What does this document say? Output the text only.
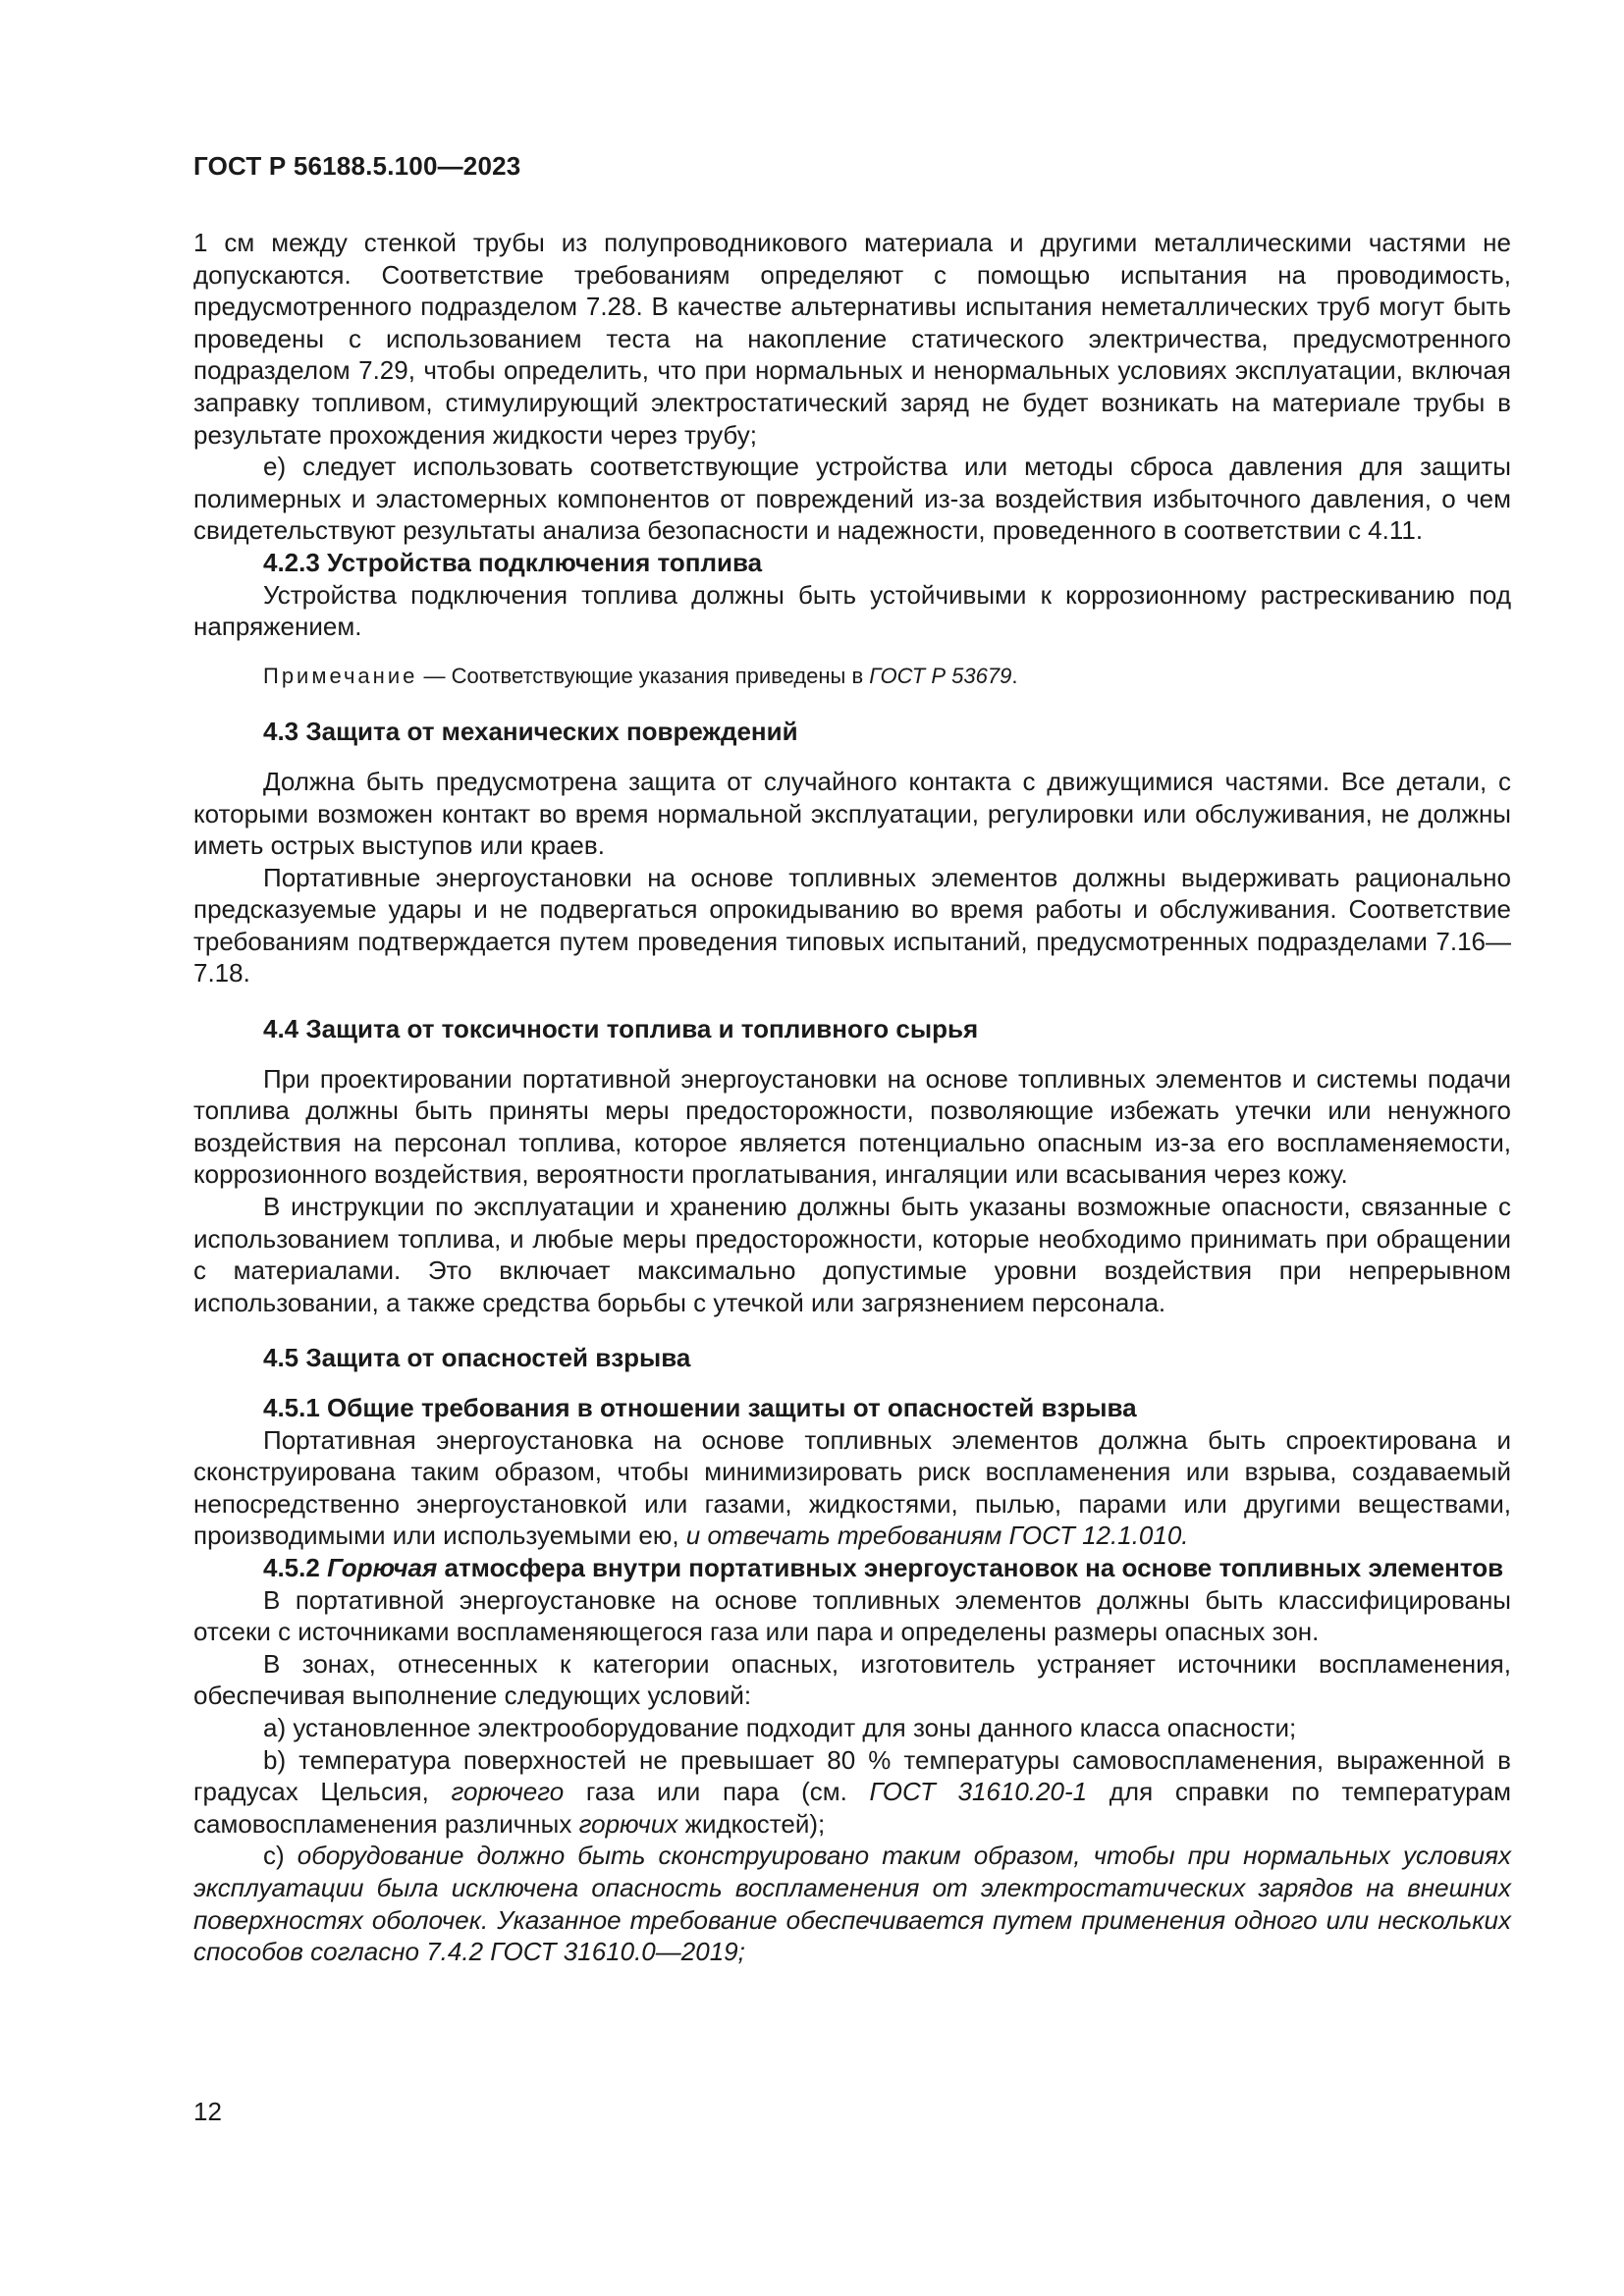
ГОСТ Р 56188.5.100—2023

1 см между стенкой трубы из полупроводникового материала и другими металлическими частями не допускаются. Соответствие требованиям определяют с помощью испытания на проводимость, предусмотренного подразделом 7.28. В качестве альтернативы испытания неметаллических труб могут быть проведены с использованием теста на накопление статического электричества, предусмотренного подразделом 7.29, чтобы определить, что при нормальных и ненормальных условиях эксплуатации, включая заправку топливом, стимулирующий электростатический заряд не будет возникать на материале трубы в результате прохождения жидкости через трубу;

е) следует использовать соответствующие устройства или методы сброса давления для защиты полимерных и эластомерных компонентов от повреждений из-за воздействия избыточного давления, о чем свидетельствуют результаты анализа безопасности и надежности, проведенного в соответствии с 4.11.

4.2.3 Устройства подключения топлива

Устройства подключения топлива должны быть устойчивыми к коррозионному растрескиванию под напряжением.

Примечание — Соответствующие указания приведены в ГОСТ Р 53679.

4.3 Защита от механических повреждений

Должна быть предусмотрена защита от случайного контакта с движущимися частями. Все детали, с которыми возможен контакт во время нормальной эксплуатации, регулировки или обслуживания, не должны иметь острых выступов или краев.

Портативные энергоустановки на основе топливных элементов должны выдерживать рационально предсказуемые удары и не подвергаться опрокидыванию во время работы и обслуживания. Соответствие требованиям подтверждается путем проведения типовых испытаний, предусмотренных подразделами 7.16—7.18.

4.4 Защита от токсичности топлива и топливного сырья

При проектировании портативной энергоустановки на основе топливных элементов и системы подачи топлива должны быть приняты меры предосторожности, позволяющие избежать утечки или ненужного воздействия на персонал топлива, которое является потенциально опасным из-за его воспламеняемости, коррозионного воздействия, вероятности проглатывания, ингаляции или всасывания через кожу.

В инструкции по эксплуатации и хранению должны быть указаны возможные опасности, связанные с использованием топлива, и любые меры предосторожности, которые необходимо принимать при обращении с материалами. Это включает максимально допустимые уровни воздействия при непрерывном использовании, а также средства борьбы с утечкой или загрязнением персонала.

4.5 Защита от опасностей взрыва

4.5.1 Общие требования в отношении защиты от опасностей взрыва

Портативная энергоустановка на основе топливных элементов должна быть спроектирована и сконструирована таким образом, чтобы минимизировать риск воспламенения или взрыва, создаваемый непосредственно энергоустановкой или газами, жидкостями, пылью, парами или другими веществами, производимыми или используемыми ею, и отвечать требованиям ГОСТ 12.1.010.

4.5.2 Горючая атмосфера внутри портативных энергоустановок на основе топливных элементов

В портативной энергоустановке на основе топливных элементов должны быть классифицированы отсеки с источниками воспламеняющегося газа или пара и определены размеры опасных зон.

В зонах, отнесенных к категории опасных, изготовитель устраняет источники воспламенения, обеспечивая выполнение следующих условий:

а) установленное электрооборудование подходит для зоны данного класса опасности;

b) температура поверхностей не превышает 80 % температуры самовоспламенения, выраженной в градусах Цельсия, горючего газа или пара (см. ГОСТ 31610.20-1 для справки по температурам самовоспламенения различных горючих жидкостей);

с) оборудование должно быть сконструировано таким образом, чтобы при нормальных условиях эксплуатации была исключена опасность воспламенения от электростатических зарядов на внешних поверхностях оболочек. Указанное требование обеспечивается путем применения одного или нескольких способов согласно 7.4.2 ГОСТ 31610.0—2019;

12
